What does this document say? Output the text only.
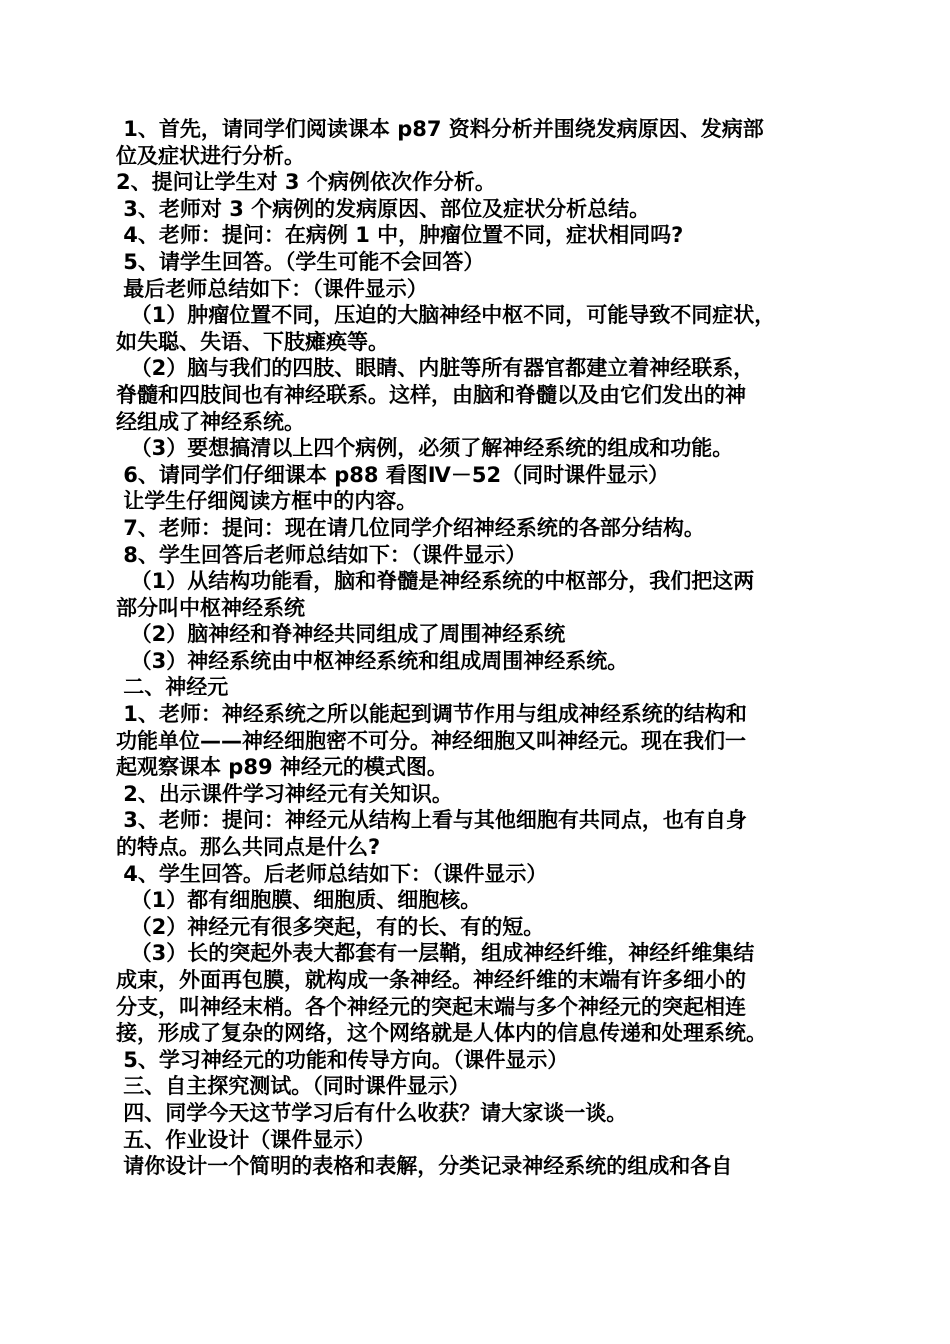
1、首先，请同学们阅读课本 p87 资料分析并围绕发病原因、发病部

位及症状进行分析。

2、提问让学生对 3 个病例依次作分析。

3、老师对 3 个病例的发病原因、部位及症状分析总结。

4、老师：提问：在病例 1 中，肿瘤位置不同，症状相同吗?

5、请学生回答。（学生可能不会回答）

最后老师总结如下：（课件显示）

（1）肿瘤位置不同，压迫的大脑神经中枢不同，可能导致不同症状，

如失聪、失语、下肢瘫痪等。

（2）脑与我们的四肢、眼睛、内脏等所有器官都建立着神经联系，

脊髓和四肢间也有神经联系。这样，由脑和脊髓以及由它们发出的神

经组成了神经系统。

（3）要想搞清以上四个病例，必须了解神经系统的组成和功能。

6、请同学们仔细课本 p88 看图Ⅳ－52（同时课件显示）

让学生仔细阅读方框中的内容。

7、老师：提问：现在请几位同学介绍神经系统的各部分结构。

8、学生回答后老师总结如下：（课件显示）

（1）从结构功能看，脑和脊髓是神经系统的中枢部分，我们把这两

部分叫中枢神经系统

（2）脑神经和脊神经共同组成了周围神经系统

（3）神经系统由中枢神经系统和组成周围神经系统。

二、神经元

1、老师：神经系统之所以能起到调节作用与组成神经系统的结构和

功能单位——神经细胞密不可分。神经细胞又叫神经元。现在我们一

起观察课本 p89 神经元的模式图。

2、出示课件学习神经元有关知识。

3、老师：提问：神经元从结构上看与其他细胞有共同点，也有自身

的特点。那么共同点是什么?

4、学生回答。后老师总结如下：（课件显示）

（1）都有细胞膜、细胞质、细胞核。

（2）神经元有很多突起，有的长、有的短。

（3）长的突起外表大都套有一层鞘，组成神经纤维，神经纤维集结

成束，外面再包膜，就构成一条神经。神经纤维的末端有许多细小的

分支，叫神经末梢。各个神经元的突起末端与多个神经元的突起相连

接，形成了复杂的网络，这个网络就是人体内的信息传递和处理系统。

5、学习神经元的功能和传导方向。（课件显示）

三、自主探究测试。（同时课件显示）

四、同学今天这节学习后有什么收获？请大家谈一谈。

五、作业设计（课件显示）

请你设计一个简明的表格和表解，分类记录神经系统的组成和各自
